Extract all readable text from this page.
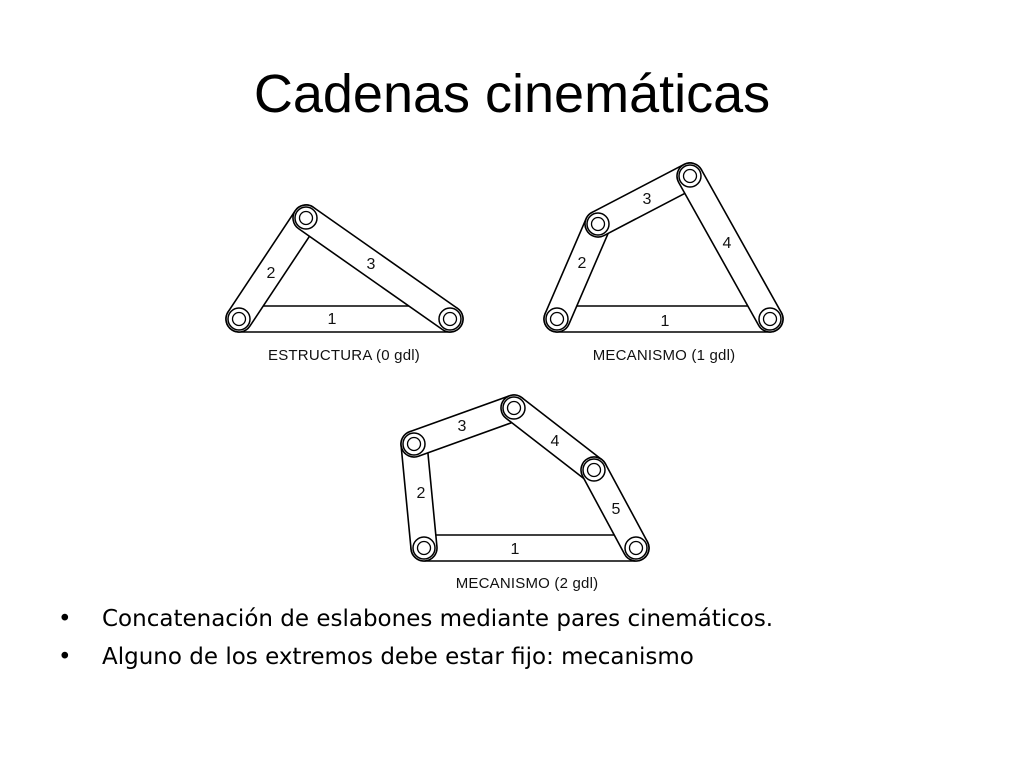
Cadenas cinemáticas
1
2
3
ESTRUCTURA (0 gdl)
1
2
3
4
MECANISMO (1 gdl)
1
2
3
4
5
MECANISMO (2 gdl)
• Concatenación de eslabones mediante pares cinemáticos.
• Alguno de los extremos debe estar fijo: mecanismo
